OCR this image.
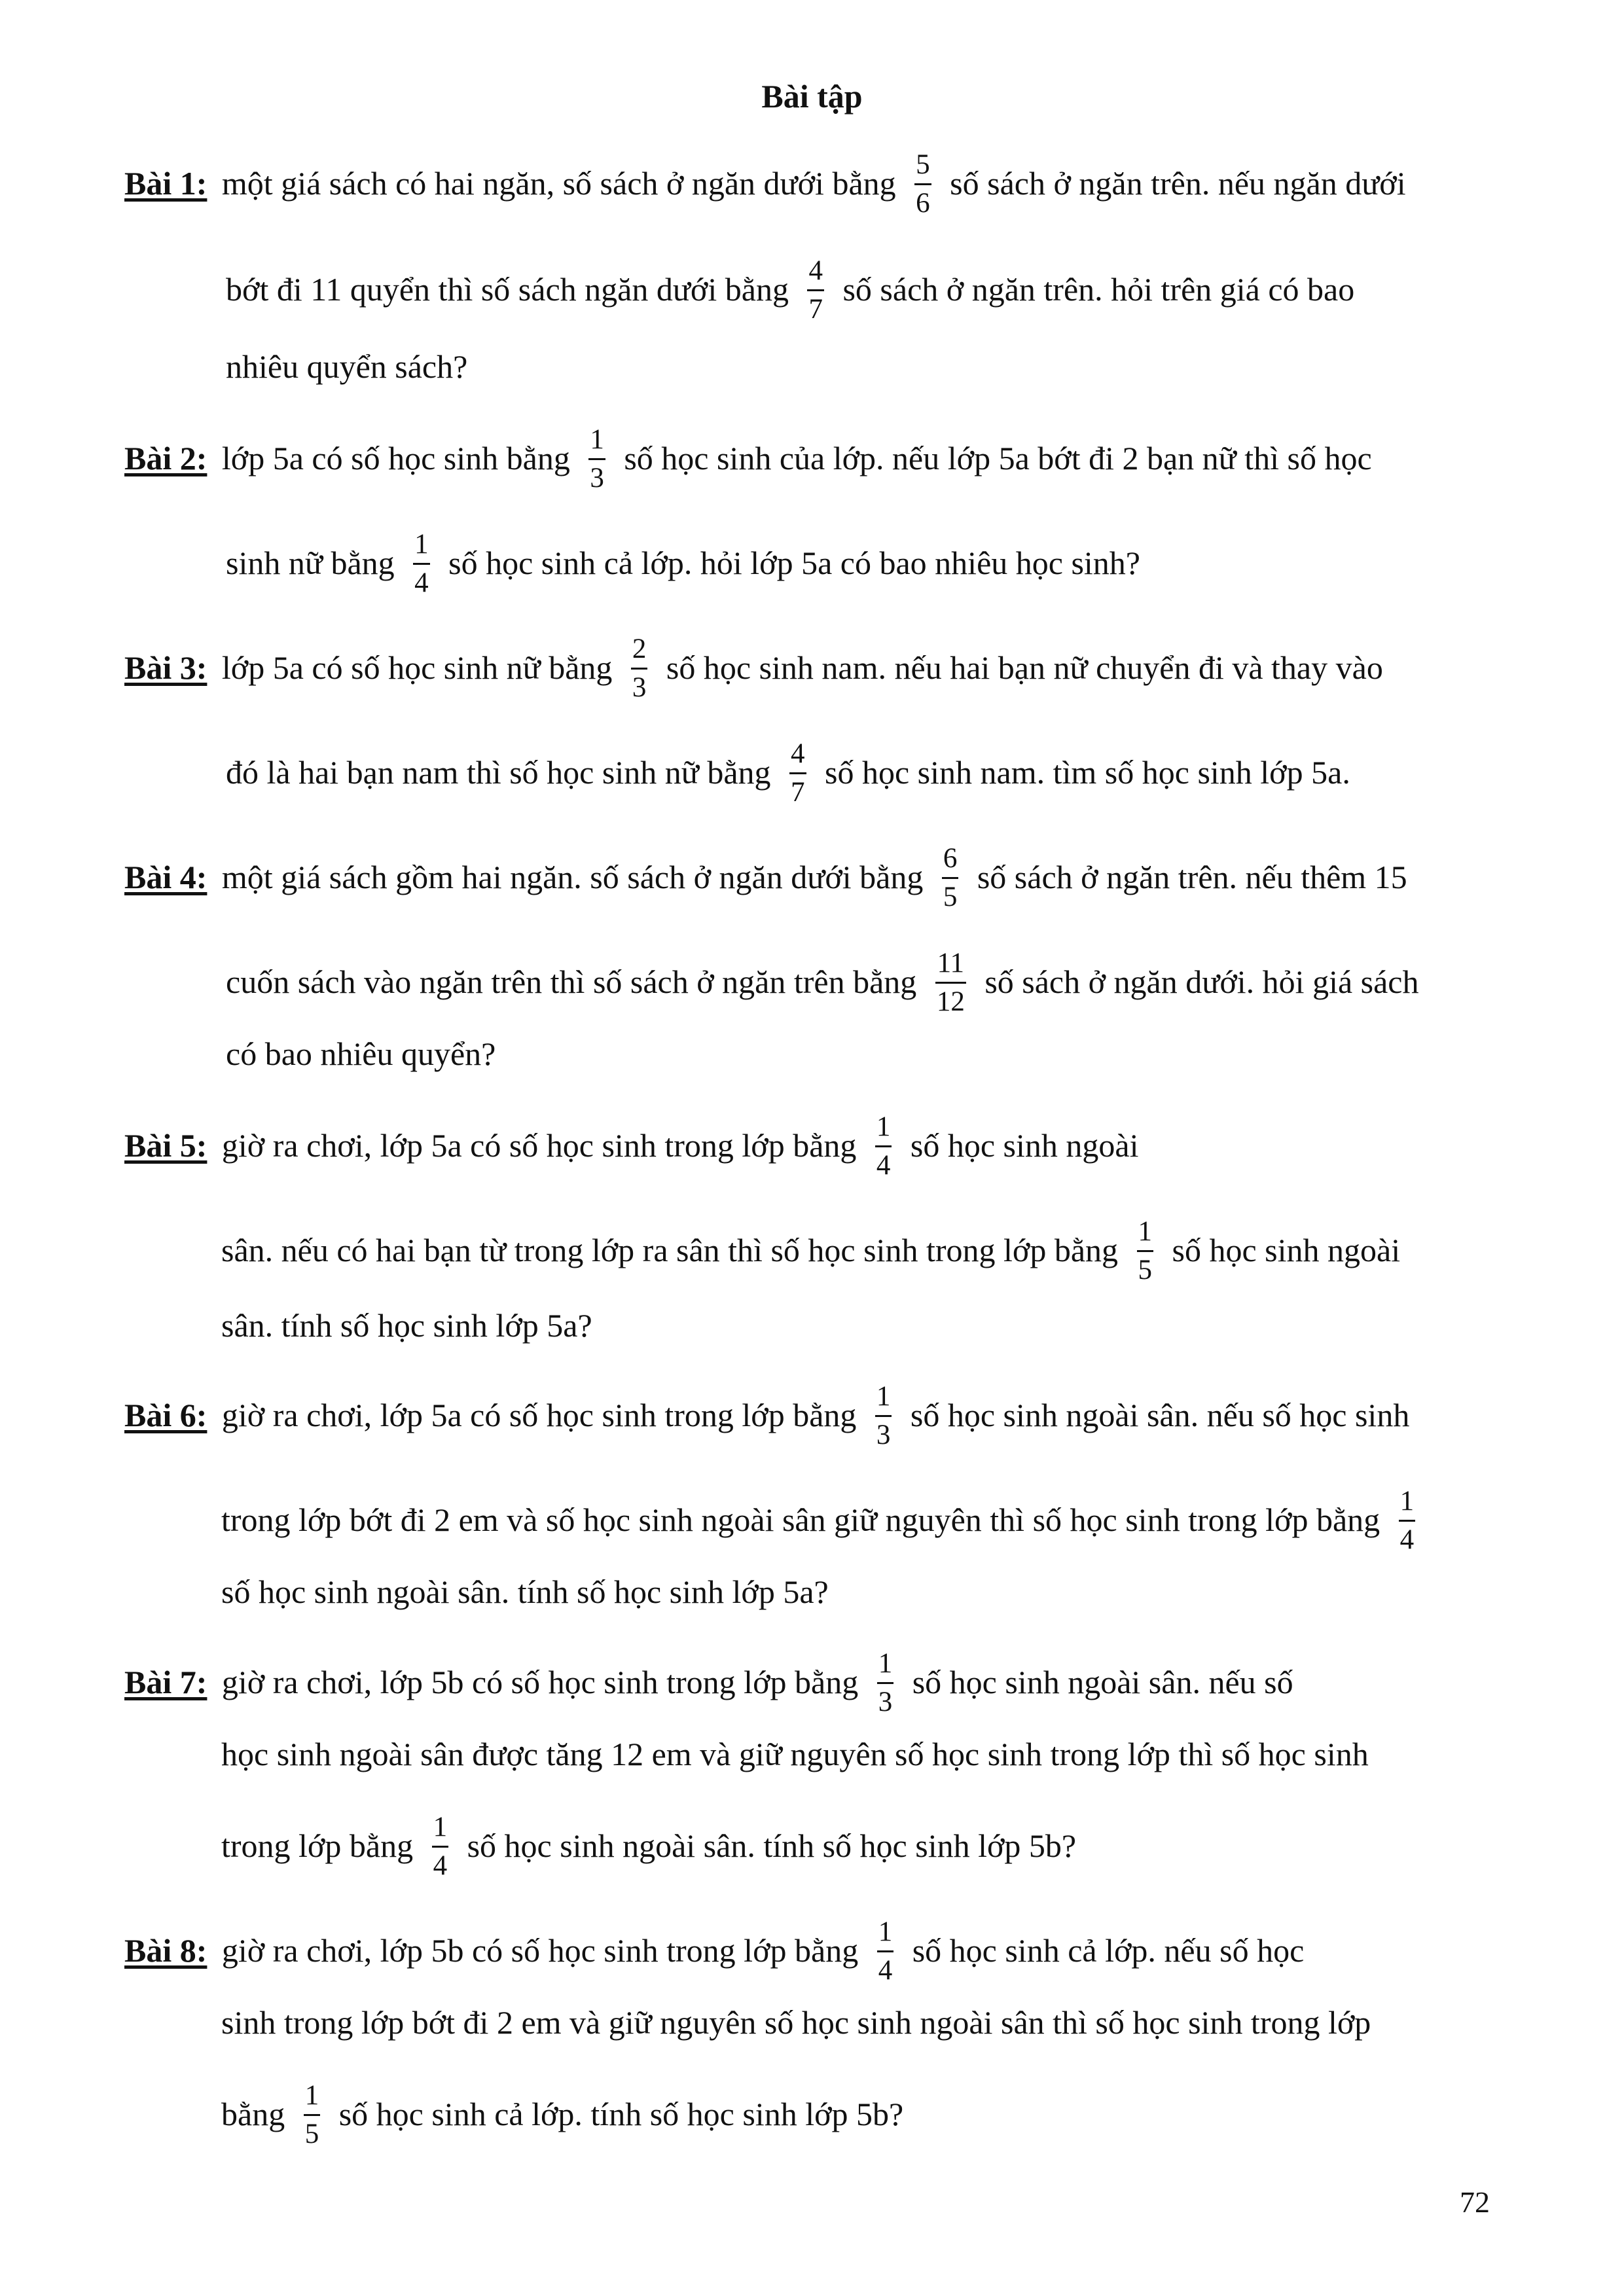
Bài tập
Bài 1: một giá sách có hai ngăn, số sách ở ngăn dưới bằng $\frac{5}{6}$ số sách ở ngăn trên. nếu ngăn dưới
bớt đi 11 quyển thì số sách ngăn dưới bằng $\frac{4}{7}$ số sách ở ngăn trên. hỏi trên giá có bao
nhiêu quyển sách?
Bài 2: lớp 5a có số học sinh bằng $\frac{1}{3}$ số học sinh của lớp. nếu lớp 5a bớt đi 2 bạn nữ thì số học
sinh nữ bằng $\frac{1}{4}$ số học sinh cả lớp. hỏi lớp 5a có bao nhiêu học sinh?
Bài 3: lớp 5a có số học sinh nữ bằng $\frac{2}{3}$ số học sinh nam. nếu hai bạn nữ chuyển đi và thay vào
đó là hai bạn nam thì số học sinh nữ bằng $\frac{4}{7}$ số học sinh nam. tìm số học sinh lớp 5a.
Bài 4: một giá sách gồm hai ngăn. số sách ở ngăn dưới bằng $\frac{6}{5}$ số sách ở ngăn trên. nếu thêm 15
cuốn sách vào ngăn trên thì số sách ở ngăn trên bằng $\frac{11}{12}$ số sách ở ngăn dưới. hỏi giá sách
có bao nhiêu quyển?
Bài 5: giờ ra chơi, lớp 5a có số học sinh trong lớp bằng $\frac{1}{4}$ số học sinh ngoài
sân. nếu có hai bạn từ trong lớp ra sân thì số học sinh trong lớp bằng $\frac{1}{5}$ số học sinh ngoài
sân. tính số học sinh lớp 5a?
Bài 6: giờ ra chơi, lớp 5a có số học sinh trong lớp bằng $\frac{1}{3}$ số học sinh ngoài sân. nếu số học sinh
trong lớp bớt đi 2 em và số học sinh ngoài sân giữ nguyên thì số học sinh trong lớp bằng $\frac{1}{4}$
số học sinh ngoài sân. tính số học sinh lớp 5a?
Bài 7: giờ ra chơi, lớp 5b có số học sinh trong lớp bằng $\frac{1}{3}$ số học sinh ngoài sân. nếu số
học sinh ngoài sân được tăng 12 em và giữ nguyên số học sinh trong lớp thì số học sinh
trong lớp bằng $\frac{1}{4}$ số học sinh ngoài sân. tính số học sinh lớp 5b?
Bài 8: giờ ra chơi, lớp 5b có số học sinh trong lớp bằng $\frac{1}{4}$ số học sinh cả lớp. nếu số học
sinh trong lớp bớt đi 2 em và giữ nguyên số học sinh ngoài sân thì số học sinh trong lớp
bằng $\frac{1}{5}$ số học sinh cả lớp. tính số học sinh lớp 5b?
72
